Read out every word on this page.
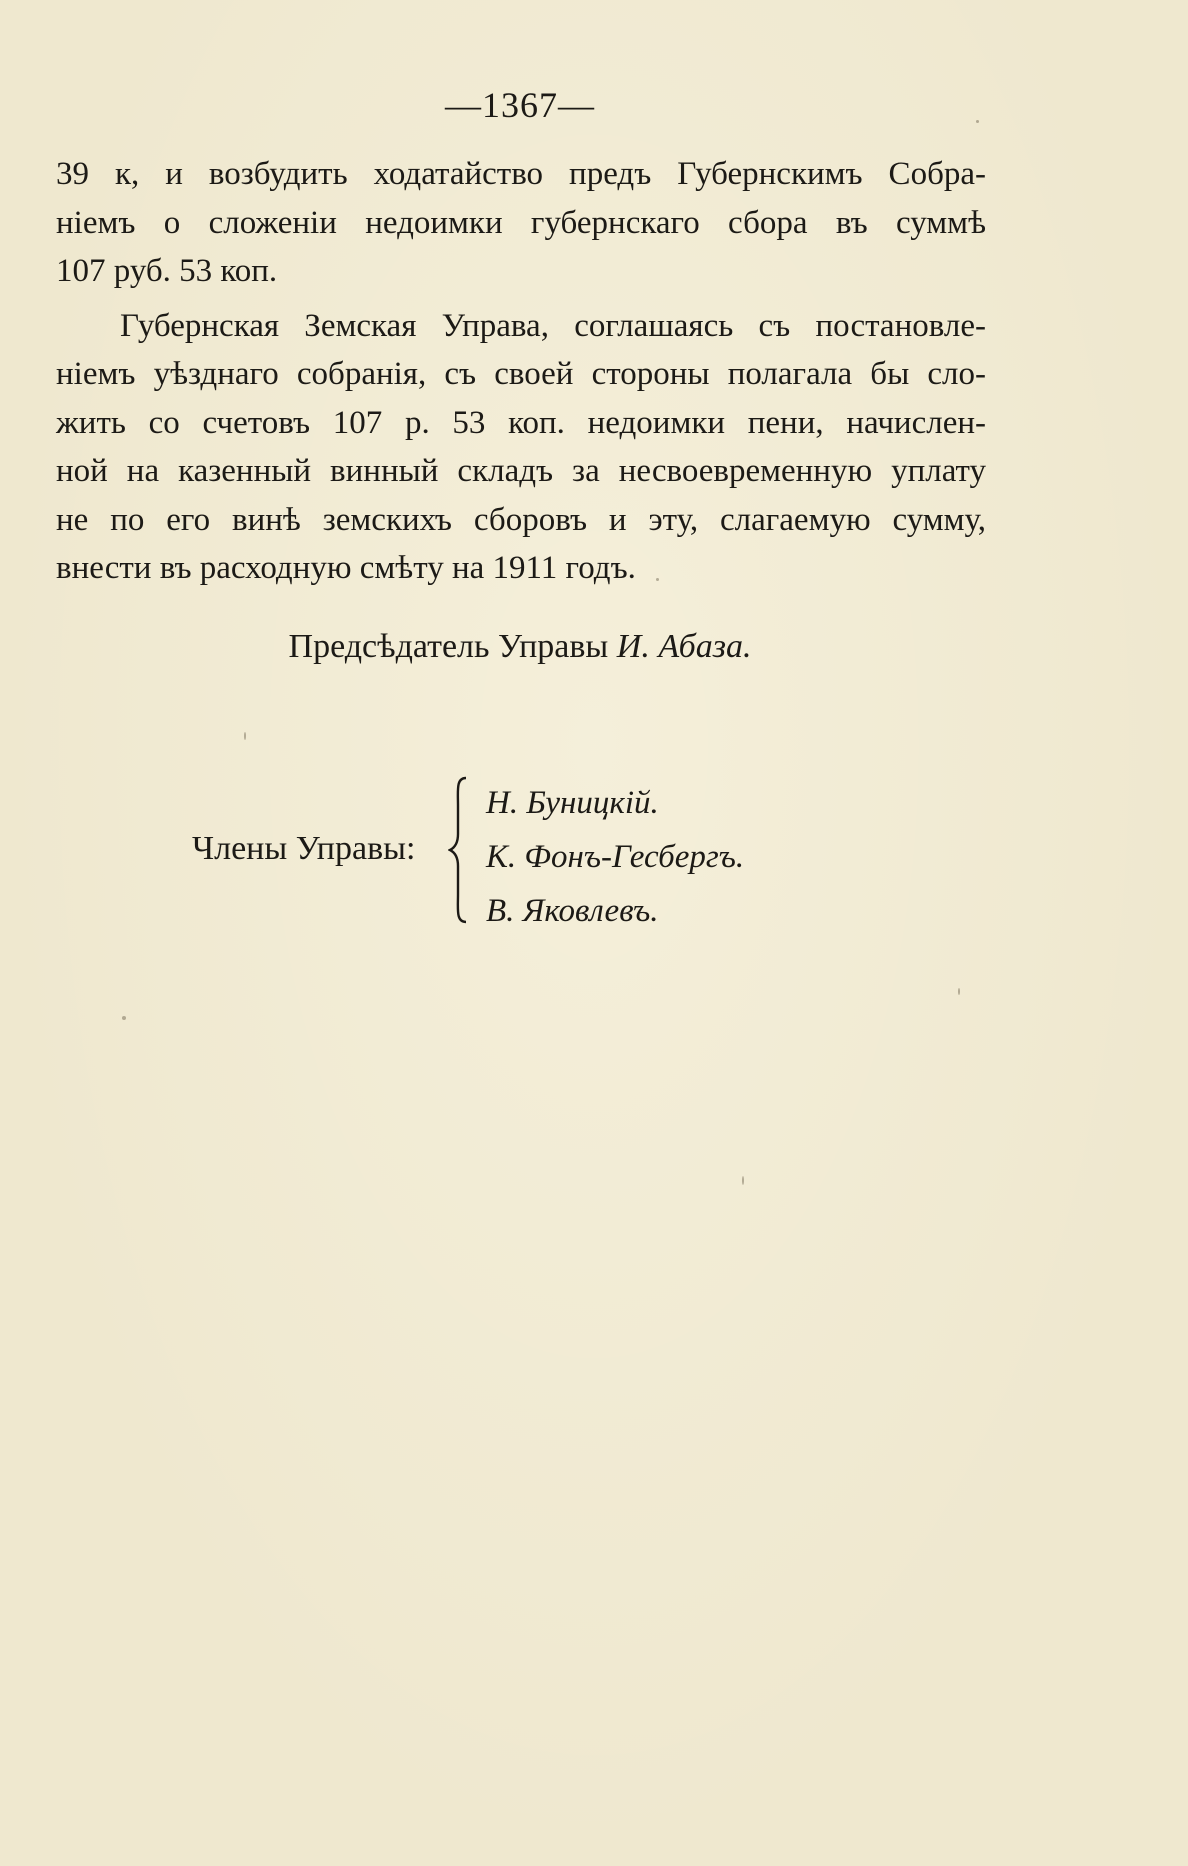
—1367—
39 к, и возбудить ходатайство предъ Губернскимъ Собра-
ніемъ о сложеніи недоимки губернскаго сбора въ суммѣ
107 руб. 53 коп.
Губернская Земская Управа, соглашаясь съ постановле-
ніемъ уѣзднаго собранія, съ своей стороны полагала бы сло-
жить со счетовъ 107 р. 53 коп. недоимки пени, начислен-
ной на казенный винный складъ за несвоевременную уплату
не по его винѣ земскихъ сборовъ и эту, слагаемую сумму,
внести въ расходную смѣту на 1911 годъ.
Предсѣдатель Управы И. Абаза.
Члены Управы:
Н. Буницкій.
К. Фонъ-Гесбергъ.
В. Яковлевъ.
